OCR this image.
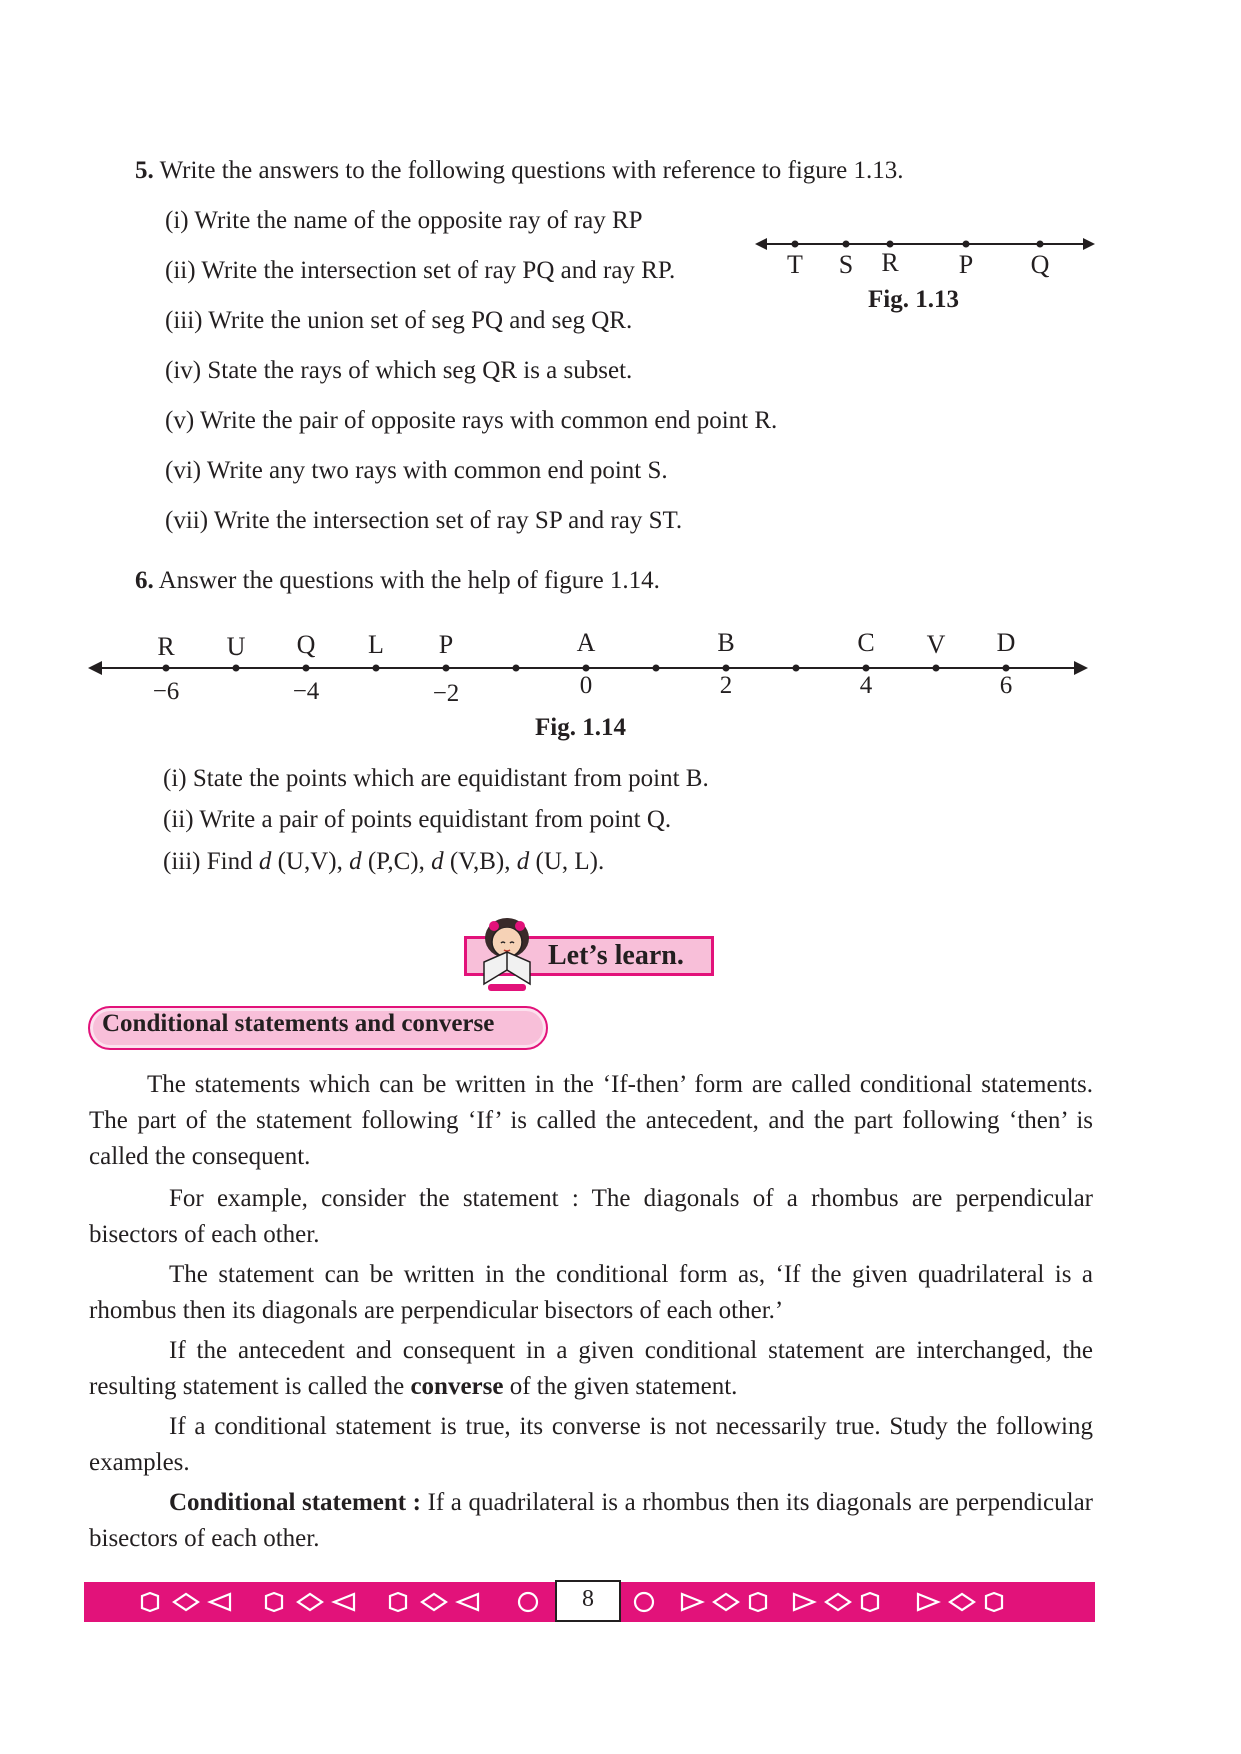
5. Write the answers to the following questions with reference to figure 1.13.
(i) Write the name of the opposite ray of ray RP
(ii) Write the intersection set of ray PQ and ray RP.
(iii) Write the union set of seg PQ and seg QR.
(iv) State the rays of which seg QR is a subset.
(v) Write the pair of opposite rays with common end point R.
(vi) Write any two rays with common end point S.
(vii) Write the intersection set of ray SP and ray ST.
T S R P Q
Fig. 1.13
6. Answer the questions with the help of figure 1.14.
R U Q L P	A	B	C V D
−6	−4	−2	0	2	4	6
Fig. 1.14
(i) State the points which are equidistant from point B.
(ii) Write a pair of points equidistant from point Q.
(iii) Find d (U,V), d (P,C), d (V,B), d (U, L).
Let’s learn.
Conditional statements and converse
The statements which can be written in the ‘If-then’ form are called conditional statements. The part of the statement following ‘If’ is called the antecedent, and the part following ‘then’ is called the consequent.
For example, consider the statement : The diagonals of a rhombus are perpendicular bisectors of each other.
The statement can be written in the conditional form as, ‘If the given quadrilateral is a rhombus then its diagonals are perpendicular bisectors of each other.’
If the antecedent and consequent in a given conditional statement are interchanged, the resulting statement is called the converse of the given statement.
If a conditional statement is true, its converse is not necessarily true. Study the following examples.
Conditional statement : If a quadrilateral is a rhombus then its diagonals are perpendicular bisectors of each other.
8
